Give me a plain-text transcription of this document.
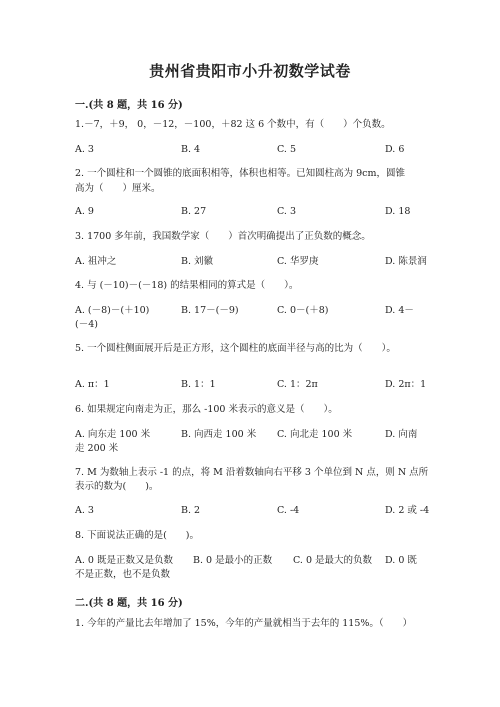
贵州省贵阳市小升初数学试卷
一.(共 8 题，共 16 分)
1.－7，＋9， 0，－12，－100，＋82 这 6 个数中，有（　　）个负数。
A. 3	B. 4	C. 5	D. 6
2. 一个圆柱和一个圆锥的底面积相等，体积也相等。已知圆柱高为 9cm，圆锥
高为（　　）厘米。
A. 9	B. 27	C. 3	D. 18
3. 1700 多年前，我国数学家（　　）首次明确提出了正负数的概念。
A. 祖冲之	B. 刘徽	C. 华罗庚	D. 陈景润
4. 与 (－10)－(－18) 的结果相同的算式是（　　）。
A. (－8)－(＋10)	B. 17－(－9)	C. 0－(＋8)	D. 4－
(－4)
5. 一个圆柱侧面展开后是正方形，这个圆柱的底面半径与高的比为（　　）。
A. π：1	B. 1：1	C. 1：2π	D. 2π：1
6. 如果规定向南走为正，那么 -100 米表示的意义是（　　）。
A. 向东走 100 米	B. 向西走 100 米 C. 向北走 100 米	D. 向南
走 200 米
7. M 为数轴上表示 -1 的点，将 M 沿着数轴向右平移 3 个单位到 N 点，则 N 点所
表示的数为(　　)。
A. 3	B. 2	C. -4	D. 2 或 -4
8. 下面说法正确的是(　　)。
A. 0 既是正数又是负数 B. 0 是最小的正数 C. 0 是最大的负数 D. 0 既
不是正数，也不是负数
二.(共 8 题，共 16 分)
1. 今年的产量比去年增加了 15%，今年的产量就相当于去年的 115%。（　　）
